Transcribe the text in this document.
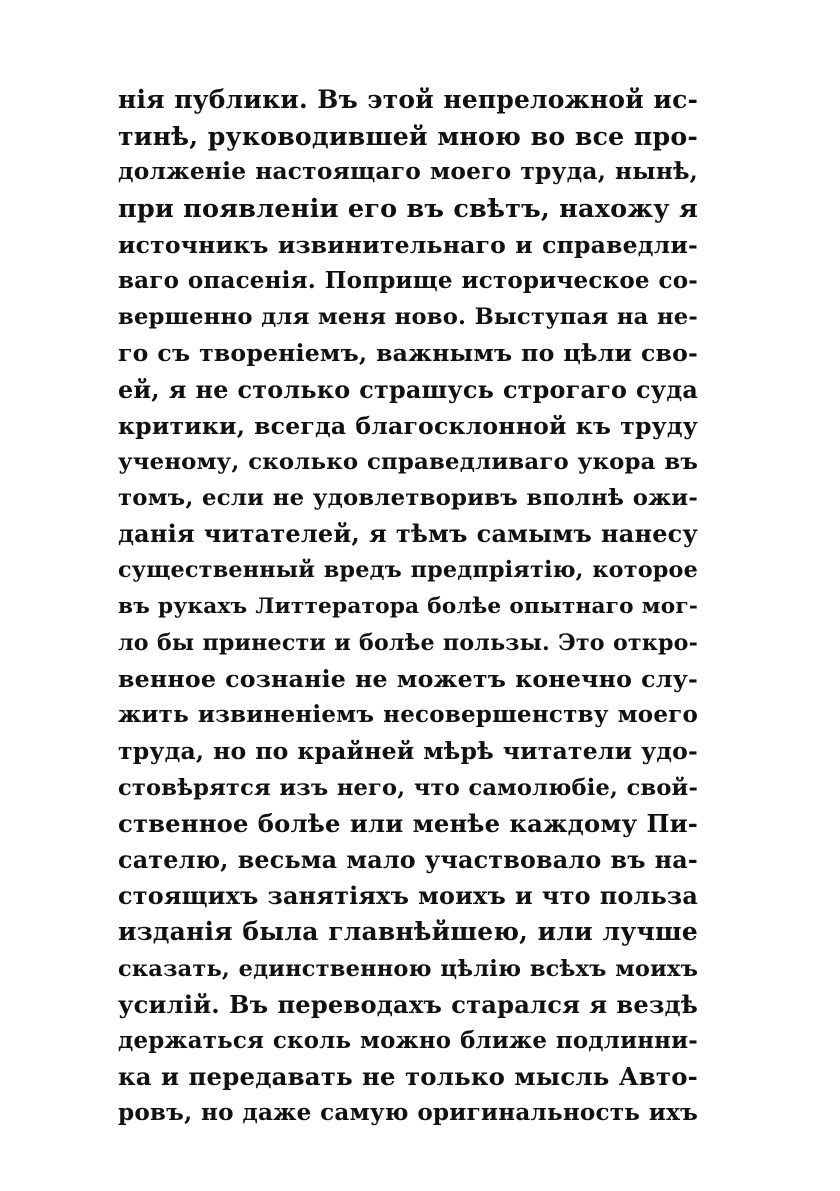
нія публики. Въ этой непреложной ис-
тинѣ, руководившей мною во все про-
долженіе настоящаго моего труда, нынѣ,
при появленіи его въ свѣтъ, нахожу я
источникъ извинительнаго и справедли-
ваго опасенія. Поприще историческое со-
вершенно для меня ново. Выступая на не-
го съ твореніемъ, важнымъ по цѣли сво-
ей, я не столько страшусь строгаго суда
критики, всегда благосклонной къ труду
ученому, сколько справедливаго укора въ
томъ, если не удовлетворивъ вполнѣ ожи-
данія читателей, я тѣмъ самымъ нанесу
существенный вредъ предпріятію, которое
въ рукахъ Литтератора болѣе опытнаго мог-
ло бы принести и болѣе пользы. Это откро-
венное сознаніе не можетъ конечно слу-
жить извиненіемъ несовершенству моего
труда, но по крайней мѣрѣ читатели удо-
стовѣрятся изъ него, что самолюбіе, свой-
ственное болѣе или менѣе каждому Пи-
сателю, весьма мало участвовало въ на-
стоящихъ занятіяхъ моихъ и что польза
изданія была главнѣйшею, или лучше
сказать, единственною цѣлію всѣхъ моихъ
усилій. Въ переводахъ старался я вездѣ
держаться сколь можно ближе подлинни-
ка и передавать не только мысль Авто-
ровъ, но даже самую оригинальность ихъ
